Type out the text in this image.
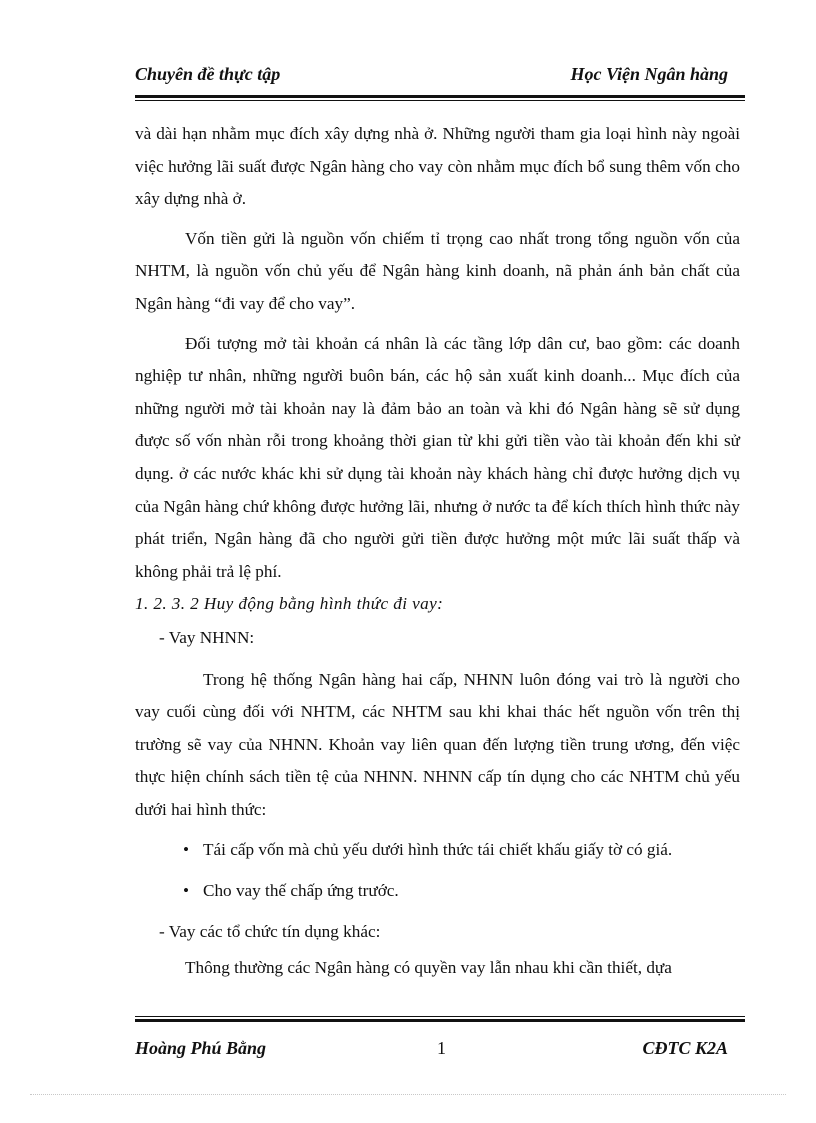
Chuyên đề thực tập	Học Viện Ngân hàng

và dài hạn nhằm mục đích xây dựng nhà ở. Những người tham gia loại hình này ngoài việc hưởng lãi suất được Ngân hàng cho vay còn nhằm mục đích bổ sung thêm vốn cho xây dựng nhà ở.

Vốn tiền gửi là nguồn vốn chiếm tỉ trọng cao nhất trong tổng nguồn vốn của NHTM, là nguồn vốn chủ yếu để Ngân hàng kinh doanh, nã phản ánh bản chất của Ngân hàng “đi vay để cho vay”.

Đối tượng mở tài khoản cá nhân là các tầng lớp dân cư, bao gồm: các doanh nghiệp tư nhân, những người buôn bán, các hộ sản xuất kinh doanh... Mục đích của những người mở tài khoản nay là đảm bảo an toàn và khi đó Ngân hàng sẽ sử dụng được số vốn nhàn rỗi trong khoảng thời gian từ khi gửi tiền vào tài khoản đến khi sử dụng. ở các nước khác khi sử dụng tài khoản này khách hàng chỉ được hưởng dịch vụ của Ngân hàng chứ không được hưởng lãi, nhưng ở nước ta để kích thích hình thức này phát triển, Ngân hàng đã cho người gửi tiền được hưởng một mức lãi suất thấp và không phải trả lệ phí.

1. 2. 3. 2 Huy động bằng hình thức đi vay:

- Vay NHNN:

Trong hệ thống Ngân hàng hai cấp, NHNN luôn đóng vai trò là người cho vay cuối cùng đối với NHTM, các NHTM sau khi khai thác hết nguồn vốn trên thị trường sẽ vay của NHNN. Khoản vay liên quan đến lượng tiền trung ương, đến việc thực hiện chính sách tiền tệ của NHNN. NHNN cấp tín dụng cho các NHTM chủ yếu dưới hai hình thức:

• Tái cấp vốn mà chủ yếu dưới hình thức tái chiết khấu giấy tờ có giá.
• Cho vay thế chấp ứng trước.

- Vay các tổ chức tín dụng khác:

Thông thường các Ngân hàng có quyền vay lẫn nhau khi cần thiết, dựa

Hoàng Phú Bằng	1	CĐTC K2A
